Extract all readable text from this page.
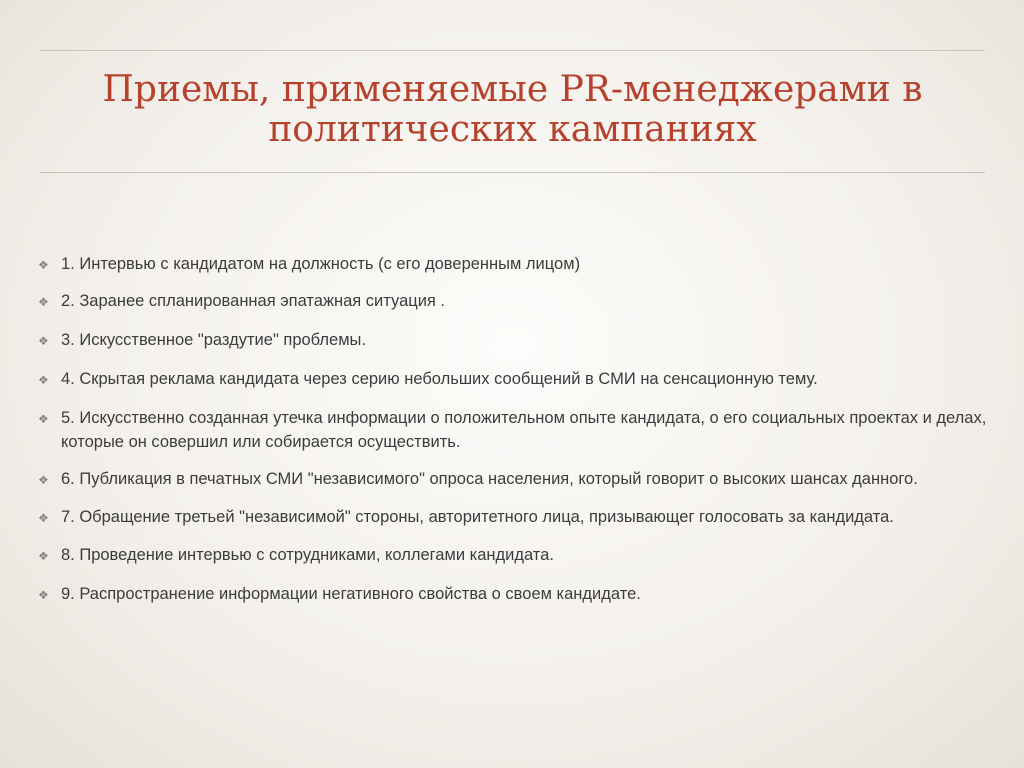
Приемы, применяемые PR-менеджерами в политических кампаниях
❖ 1. Интервью с кандидатом на должность (с его доверенным лицом)
❖ 2. Заранее спланированная эпатажная ситуация .
❖ 3. Искусственное "раздутие" проблемы.
❖ 4. Скрытая реклама кандидата через серию небольших сообщений в СМИ на сенсационную тему.
❖ 5. Искусственно созданная утечка информации о положительном опыте кандидата, о его социальных проектах и делах, которые он совершил или собирается осуществить.
❖ 6. Публикация в печатных СМИ "независимого" опроса населения, который говорит о высоких шансах данного.
❖ 7. Обращение третьей "независимой" стороны, авторитетного лица, призывающег голосовать за кандидата.
❖ 8. Проведение интервью с сотрудниками, коллегами кандидата.
❖ 9. Распространение информации негативного свойства о своем кандидате.
